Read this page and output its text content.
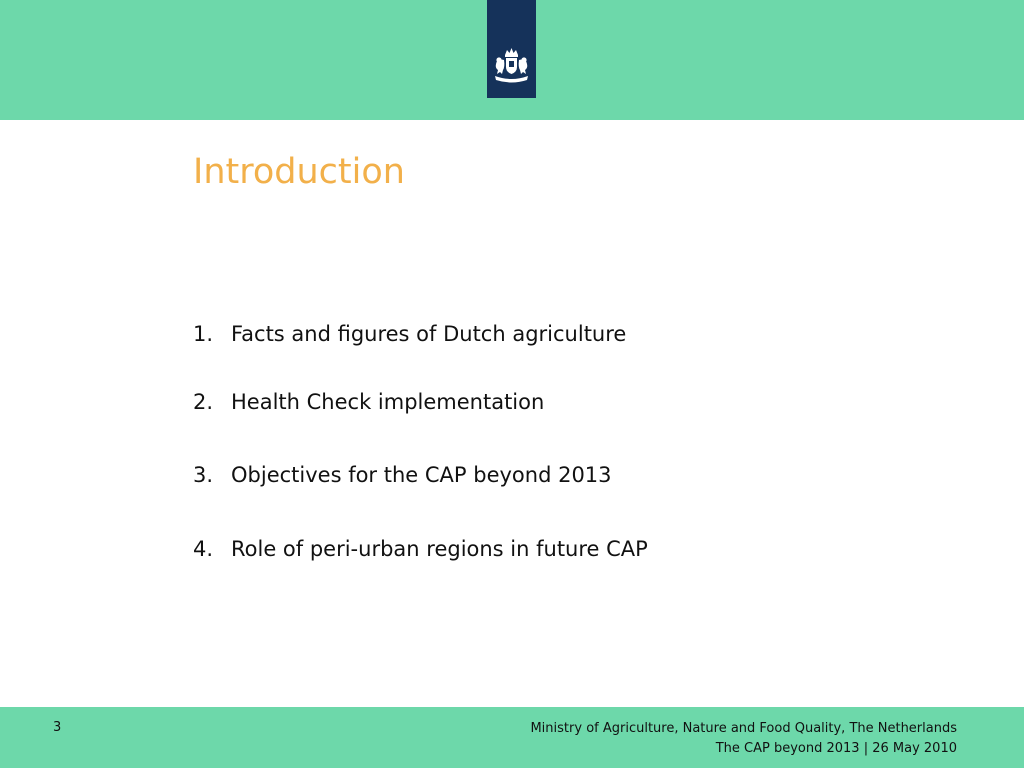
Introduction
1. Facts and figures of Dutch agriculture
2. Health Check implementation
3. Objectives for the CAP beyond 2013
4. Role of peri-urban regions in future CAP
3	Ministry of Agriculture, Nature and Food Quality, The Netherlands
The CAP beyond 2013 | 26 May 2010
